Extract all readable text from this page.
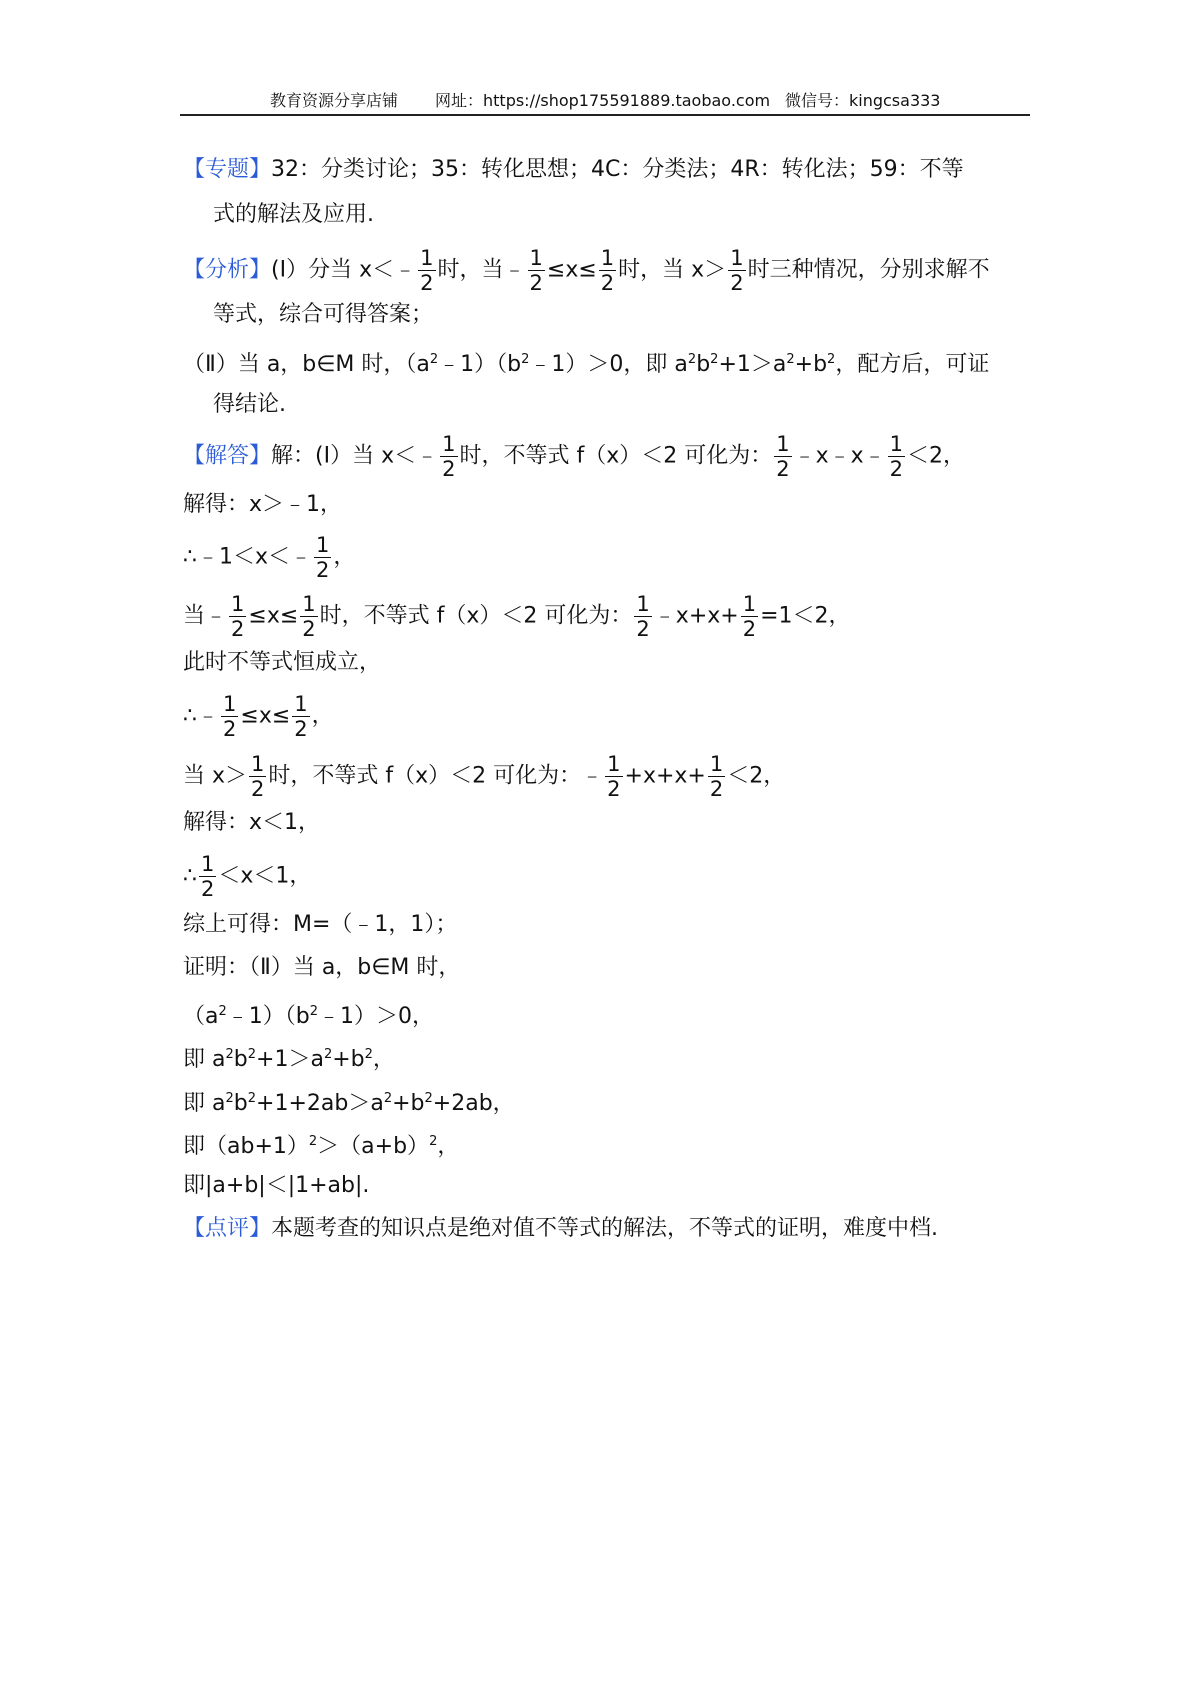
教育资源分享店铺 网址：https://shop175591889.taobao.com 微信号：kingcsa333
【专题】32：分类讨论；35：转化思想；4C：分类法；4R：转化法；59：不等
式的解法及应用.
【分析】(I）分当 x＜﹣ $\frac{1}{2}$ 时，当﹣ $\frac{1}{2} \le x\le \frac{1}{2}$ 时，当 $x> \frac{1}{2}$ 时三种情况，分别求解不
等式，综合可得答案；
（Ⅱ）当 a，b∈M 时，$(a^2﹣1)(b^2﹣1)>0$，即 $a^2b^2+1>a^2+b^2$，配方后，可证
得结论.
【解答】解：(I）当 x＜﹣ $\frac{1}{2}$ 时，不等式 f（x）＜2 可化为： $\frac{1}{2}$ ﹣x﹣x﹣ $\frac{1}{2} <2$，
解得：x＞﹣1，
∴﹣1＜x＜﹣ $\frac{1}{2}$ ，
当﹣ $\frac{1}{2} \le x\le \frac{1}{2}$ 时，不等式 f（x）＜2 可化为： $\frac{1}{2}$ ﹣x+x+ $\frac{1}{2} =1<2$，
此时不等式恒成立，
∴﹣ $\frac{1}{2} \le x\le \frac{1}{2}$ ，
当 $x> \frac{1}{2}$ 时，不等式 f（x）＜2 可化为：﹣ $\frac{1}{2} +x+x+ \frac{1}{2} <2$，
解得：x＜1，
∴ $\frac{1}{2} <x<1$，
综上可得：M=（﹣1，1）；
证明：（Ⅱ）当 a，b∈M 时，
$(a^2﹣1)(b^2﹣1)>0$，
即 $a^2b^2+1>a^2+b^2$，
即 $a^2b^2+1+2ab>a^2+b^2+2ab$，
即$(ab+1)^2>(a+b)^2$，
即|a+b|＜|1+ab|.
【点评】本题考查的知识点是绝对值不等式的解法，不等式的证明，难度中档.
